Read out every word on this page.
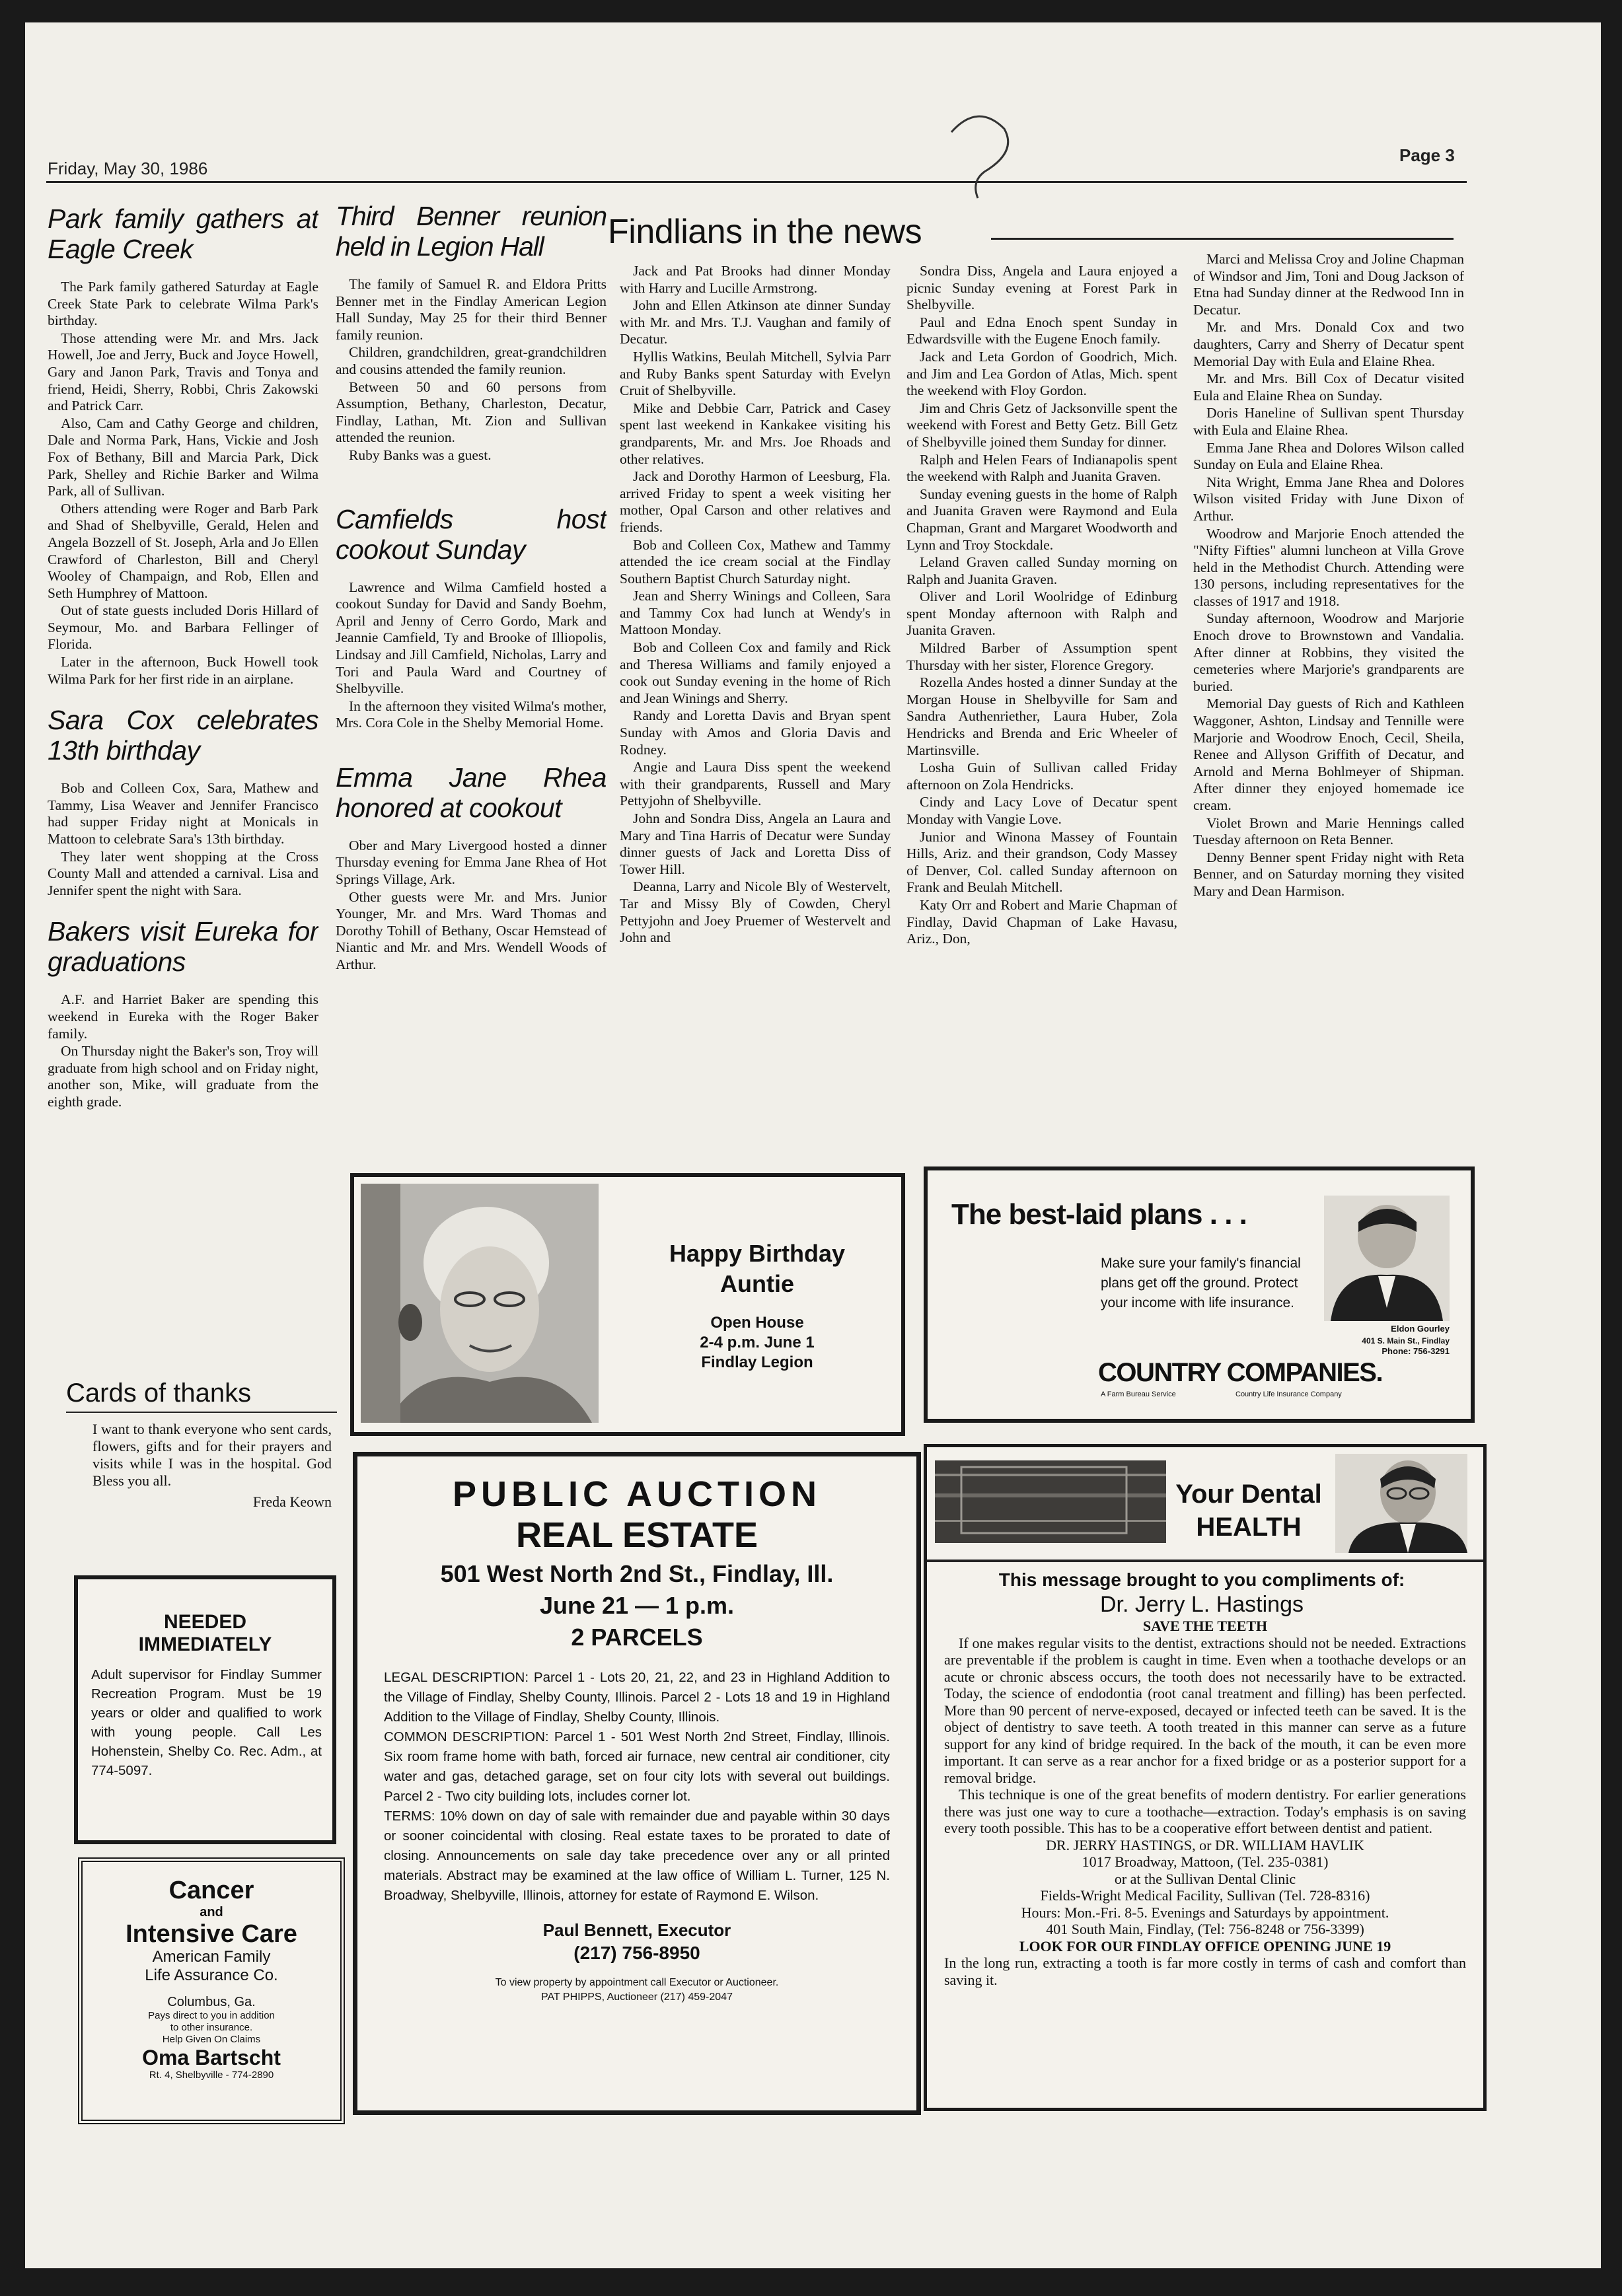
Friday, May 30, 1986
Page 3
Park family gathers at Eagle Creek

The Park family gathered Saturday at Eagle Creek State Park to celebrate Wilma Park's birthday.

Those attending were Mr. and Mrs. Jack Howell, Joe and Jerry, Buck and Joyce Howell, Gary and Janon Park, Travis and Tonya and friend, Heidi, Sherry, Robbi, Chris Zakowski and Patrick Carr.

Also, Cam and Cathy George and children, Dale and Norma Park, Hans, Vickie and Josh Fox of Bethany, Bill and Marcia Park, Dick Park, Shelley and Richie Barker and Wilma Park, all of Sullivan.

Others attending were Roger and Barb Park and Shad of Shelbyville, Gerald, Helen and Angela Bozzell of St. Joseph, Arla and Jo Ellen Crawford of Charleston, Bill and Cheryl Wooley of Champaign, and Rob, Ellen and Seth Humphrey of Mattoon.

Out of state guests included Doris Hillard of Seymour, Mo. and Barbara Fellinger of Florida.

Later in the afternoon, Buck Howell took Wilma Park for her first ride in an airplane.

Sara Cox celebrates 13th birthday

Bob and Colleen Cox, Sara, Mathew and Tammy, Lisa Weaver and Jennifer Francisco had supper Friday night at Monicals in Mattoon to celebrate Sara's 13th birthday.

They later went shopping at the Cross County Mall and attended a carnival. Lisa and Jennifer spent the night with Sara.

Bakers visit Eureka for graduations

A.F. and Harriet Baker are spending this weekend in Eureka with the Roger Baker family.

On Thursday night the Baker's son, Troy will graduate from high school and on Friday night, another son, Mike, will graduate from the eighth grade.

Cards of thanks
I want to thank everyone who sent cards, flowers, gifts and for their prayers and visits while I was in the hospital. God Bless you all.
Freda Keown
NEEDED
IMMEDIATELY
Adult supervisor for Findlay Summer Recreation Program. Must be 19 years or older and qualified to work with young people. Call Les Hohenstein, Shelby Co. Rec. Adm., at 774-5097.
Cancer
and
Intensive Care
American Family
Life Assurance Co.
Columbus, Ga.
Pays direct to you in addition
to other insurance.
Help Given On Claims
Oma Bartscht
Rt. 4, Shelbyville - 774-2890
Third Benner reunion held in Legion Hall

The family of Samuel R. and Eldora Pritts Benner met in the Findlay American Legion Hall Sunday, May 25 for their third Benner family reunion.

Children, grandchildren, great-grandchildren and cousins attended the family reunion.

Between 50 and 60 persons from Assumption, Bethany, Charleston, Decatur, Findlay, Lathan, Mt. Zion and Sullivan attended the reunion.

Ruby Banks was a guest.

Camfields host cookout Sunday

Lawrence and Wilma Camfield hosted a cookout Sunday for David and Sandy Boehm, April and Jenny of Cerro Gordo, Mark and Jeannie Camfield, Ty and Brooke of Illiopolis, Lindsay and Jill Camfield, Nicholas, Larry and Tori and Paula Ward and Courtney of Shelbyville.

In the afternoon they visited Wilma's mother, Mrs. Cora Cole in the Shelby Memorial Home.

Emma Jane Rhea honored at cookout

Ober and Mary Livergood hosted a dinner Thursday evening for Emma Jane Rhea of Hot Springs Village, Ark.

Other guests were Mr. and Mrs. Junior Younger, Mr. and Mrs. Ward Thomas and Dorothy Tohill of Bethany, Oscar Hemstead of Niantic and Mr. and Mrs. Wendell Woods of Arthur.

Findlians in the news

Jack and Pat Brooks had dinner Monday with Harry and Lucille Armstrong.

John and Ellen Atkinson ate dinner Sunday with Mr. and Mrs. T.J. Vaughan and family of Decatur.

Hyllis Watkins, Beulah Mitchell, Sylvia Parr and Ruby Banks spent Saturday with Evelyn Cruit of Shelbyville.

Mike and Debbie Carr, Patrick and Casey spent last weekend in Kankakee visiting his grandparents, Mr. and Mrs. Joe Rhoads and other relatives.

Jack and Dorothy Harmon of Leesburg, Fla. arrived Friday to spent a week visiting her mother, Opal Carson and other relatives and friends.

Bob and Colleen Cox, Mathew and Tammy attended the ice cream social at the Findlay Southern Baptist Church Saturday night.

Jean and Sherry Winings and Colleen, Sara and Tammy Cox had lunch at Wendy's in Mattoon Monday.

Bob and Colleen Cox and family and Rick and Theresa Williams and family enjoyed a cook out Sunday evening in the home of Rich and Jean Winings and Sherry.

Randy and Loretta Davis and Bryan spent Sunday with Amos and Gloria Davis and Rodney.

Angie and Laura Diss spent the weekend with their grandparents, Russell and Mary Pettyjohn of Shelbyville.

John and Sondra Diss, Angela an Laura and Mary and Tina Harris of Decatur were Sunday dinner guests of Jack and Loretta Diss of Tower Hill.

Deanna, Larry and Nicole Bly of Westervelt, Tar and Missy Bly of Cowden, Cheryl Pettyjohn and Joey Pruemer of Westervelt and John and

Sondra Diss, Angela and Laura enjoyed a picnic Sunday evening at Forest Park in Shelbyville.

Paul and Edna Enoch spent Sunday in Edwardsville with the Eugene Enoch family.

Jack and Leta Gordon of Goodrich, Mich. and Jim and Lea Gordon of Atlas, Mich. spent the weekend with Floy Gordon.

Jim and Chris Getz of Jacksonville spent the weekend with Forest and Betty Getz. Bill Getz of Shelbyville joined them Sunday for dinner.

Ralph and Helen Fears of Indianapolis spent the weekend with Ralph and Juanita Graven.

Sunday evening guests in the home of Ralph and Juanita Graven were Raymond and Eula Chapman, Grant and Margaret Woodworth and Lynn and Troy Stockdale.

Leland Graven called Sunday morning on Ralph and Juanita Graven.

Oliver and Loril Woolridge of Edinburg spent Monday afternoon with Ralph and Juanita Graven.

Mildred Barber of Assumption spent Thursday with her sister, Florence Gregory.

Rozella Andes hosted a dinner Sunday at the Morgan House in Shelbyville for Sam and Sandra Authenriether, Laura Huber, Zola Hendricks and Brenda and Eric Wheeler of Martinsville.

Losha Guin of Sullivan called Friday afternoon on Zola Hendricks.

Cindy and Lacy Love of Decatur spent Monday with Vangie Love.

Junior and Winona Massey of Fountain Hills, Ariz. and their grandson, Cody Massey of Denver, Col. called Sunday afternoon on Frank and Beulah Mitchell.

Katy Orr and Robert and Marie Chapman of Findlay, David Chapman of Lake Havasu, Ariz., Don,

Marci and Melissa Croy and Joline Chapman of Windsor and Jim, Toni and Doug Jackson of Etna had Sunday dinner at the Redwood Inn in Decatur.

Mr. and Mrs. Donald Cox and two daughters, Carry and Sherry of Decatur spent Memorial Day with Eula and Elaine Rhea.

Mr. and Mrs. Bill Cox of Decatur visited Eula and Elaine Rhea on Sunday.

Doris Haneline of Sullivan spent Thursday with Eula and Elaine Rhea.

Emma Jane Rhea and Dolores Wilson called Sunday on Eula and Elaine Rhea.

Nita Wright, Emma Jane Rhea and Dolores Wilson visited Friday with June Dixon of Arthur.

Woodrow and Marjorie Enoch attended the "Nifty Fifties" alumni luncheon at Villa Grove held in the Methodist Church. Attending were 130 persons, including representatives for the classes of 1917 and 1918.

Sunday afternoon, Woodrow and Marjorie Enoch drove to Brownstown and Vandalia. After dinner at Robbins, they visited the cemeteries where Marjorie's grandparents are buried.

Memorial Day guests of Rich and Kathleen Waggoner, Ashton, Lindsay and Tennille were Marjorie and Woodrow Enoch, Cecil, Sheila, Renee and Allyson Griffith of Decatur, and Arnold and Merna Bohlmeyer of Shipman. After dinner they enjoyed homemade ice cream.

Violet Brown and Marie Hennings called Tuesday afternoon on Reta Benner.

Denny Benner spent Friday night with Reta Benner, and on Saturday morning they visited Mary and Dean Harmison.

Happy Birthday
Auntie
Open House
2-4 p.m. June 1
Findlay Legion
PUBLIC AUCTION
REAL ESTATE
501 West North 2nd St., Findlay, Ill.
June 21 — 1 p.m.
2 PARCELS
LEGAL DESCRIPTION: Parcel 1 - Lots 20, 21, 22, and 23 in Highland Addition to the Village of Findlay, Shelby County, Illinois. Parcel 2 - Lots 18 and 19 in Highland Addition to the Village of Findlay, Shelby County, Illinois.
COMMON DESCRIPTION: Parcel 1 - 501 West North 2nd Street, Findlay, Illinois. Six room frame home with bath, forced air furnace, new central air conditioner, city water and gas, detached garage, set on four city lots with several out buildings. Parcel 2 - Two city building lots, includes corner lot.
TERMS: 10% down on day of sale with remainder due and payable within 30 days or sooner coincidental with closing. Real estate taxes to be prorated to date of closing. Announcements on sale day take precedence over any or all printed materials. Abstract may be examined at the law office of William L. Turner, 125 N. Broadway, Shelbyville, Illinois, attorney for estate of Raymond E. Wilson.
Paul Bennett, Executor
(217) 756-8950
To view property by appointment call Executor or Auctioneer.
PAT PHIPPS, Auctioneer (217) 459-2047
The best-laid plans . . .
Make sure your family's financial plans get off the ground. Protect your income with life insurance.
Eldon Gourley
401 S. Main St., Findlay
Phone: 756-3291
COUNTRY COMPANIES.
A Farm Bureau Service	Country Life Insurance Company
Your Dental
HEALTH
This message brought to you compliments of:
Dr. Jerry L. Hastings
SAVE THE TEETH
If one makes regular visits to the dentist, extractions should not be needed. Extractions are preventable if the problem is caught in time. Even when a toothache develops or an acute or chronic abscess occurs, the tooth does not necessarily have to be extracted. Today, the science of endodontia (root canal treatment and filling) has been perfected. More than 90 percent of nerve-exposed, decayed or infected teeth can be saved. It is the object of dentistry to save teeth. A tooth treated in this manner can serve as a future support for any kind of bridge required. In the back of the mouth, it can be even more important. It can serve as a rear anchor for a fixed bridge or as a posterior support for a removal bridge.
This technique is one of the great benefits of modern dentistry. For earlier generations there was just one way to cure a toothache—extraction. Today's emphasis is on saving every tooth possible. This has to be a cooperative effort between dentist and patient.
DR. JERRY HASTINGS, or DR. WILLIAM HAVLIK
1017 Broadway, Mattoon, (Tel. 235-0381)
or at the Sullivan Dental Clinic
Fields-Wright Medical Facility, Sullivan (Tel. 728-8316)
Hours: Mon.-Fri. 8-5. Evenings and Saturdays by appointment.
401 South Main, Findlay, (Tel: 756-8248 or 756-3399)
LOOK FOR OUR FINDLAY OFFICE OPENING JUNE 19
In the long run, extracting a tooth is far more costly in terms of cash and comfort than saving it.
